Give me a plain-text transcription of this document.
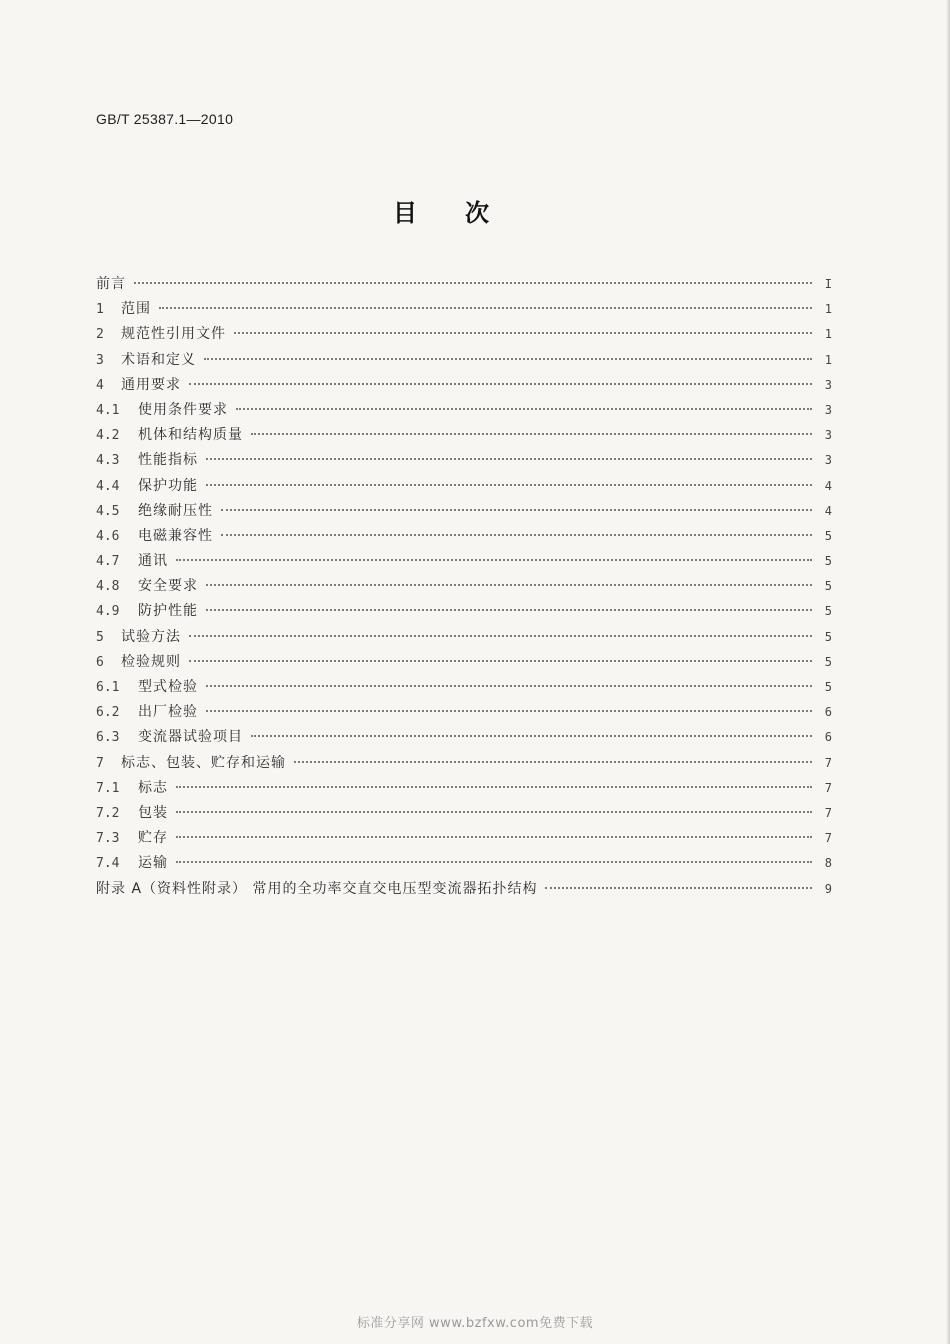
GB/T 25387.1—2010
目次
前言	I
1	范围	1
2	规范性引用文件	1
3	术语和定义	1
4	通用要求	3
4.1	使用条件要求	3
4.2	机体和结构质量	3
4.3	性能指标	3
4.4	保护功能	4
4.5	绝缘耐压性	4
4.6	电磁兼容性	5
4.7	通讯	5
4.8	安全要求	5
4.9	防护性能	5
5	试验方法	5
6	检验规则	5
6.1	型式检验	5
6.2	出厂检验	6
6.3	变流器试验项目	6
7	标志、包装、贮存和运输	7
7.1	标志	7
7.2	包装	7
7.3	贮存	7
7.4	运输	8
附录 A（资料性附录） 常用的全功率交直交电压型变流器拓扑结构	9
标准分享网 www.bzfxw.com免费下载
